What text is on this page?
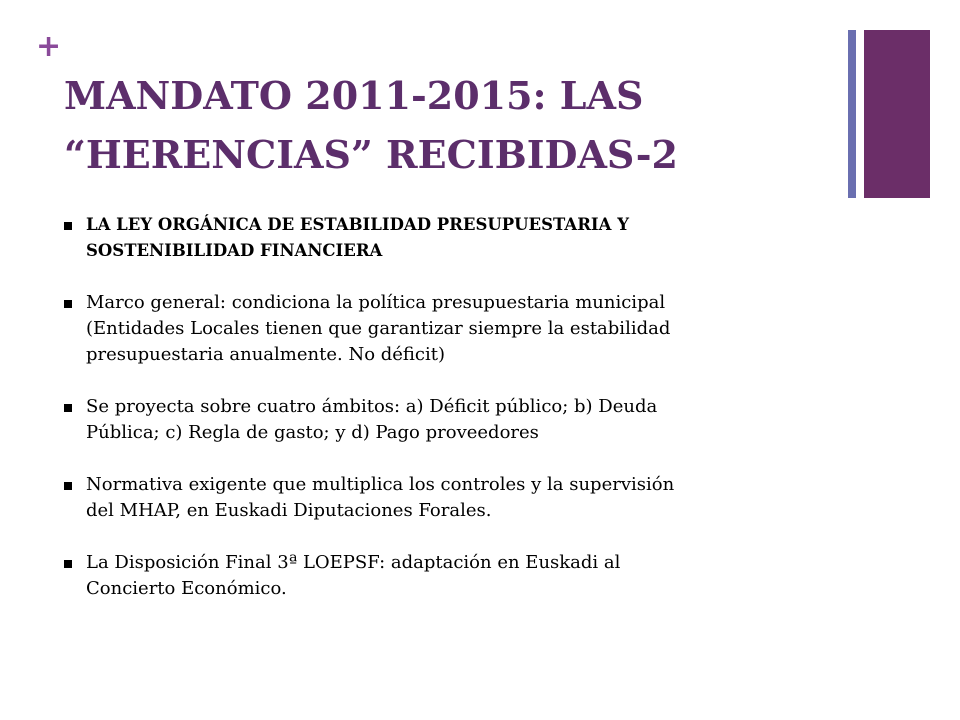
+
MANDATO 2011-2015: LAS
“HERENCIAS” RECIBIDAS-2
LA LEY ORGÁNICA DE ESTABILIDAD PRESUPUESTARIA Y
SOSTENIBILIDAD FINANCIERA
Marco general: condiciona la política presupuestaria municipal
(Entidades Locales tienen que garantizar siempre la estabilidad
presupuestaria anualmente. No déficit)
Se proyecta sobre cuatro ámbitos: a) Déficit público; b) Deuda
Pública; c) Regla de gasto; y d) Pago proveedores
Normativa exigente que multiplica los controles y la supervisión
del MHAP, en Euskadi Diputaciones Forales.
La Disposición Final 3ª LOEPSF: adaptación en Euskadi al
Concierto Económico.
